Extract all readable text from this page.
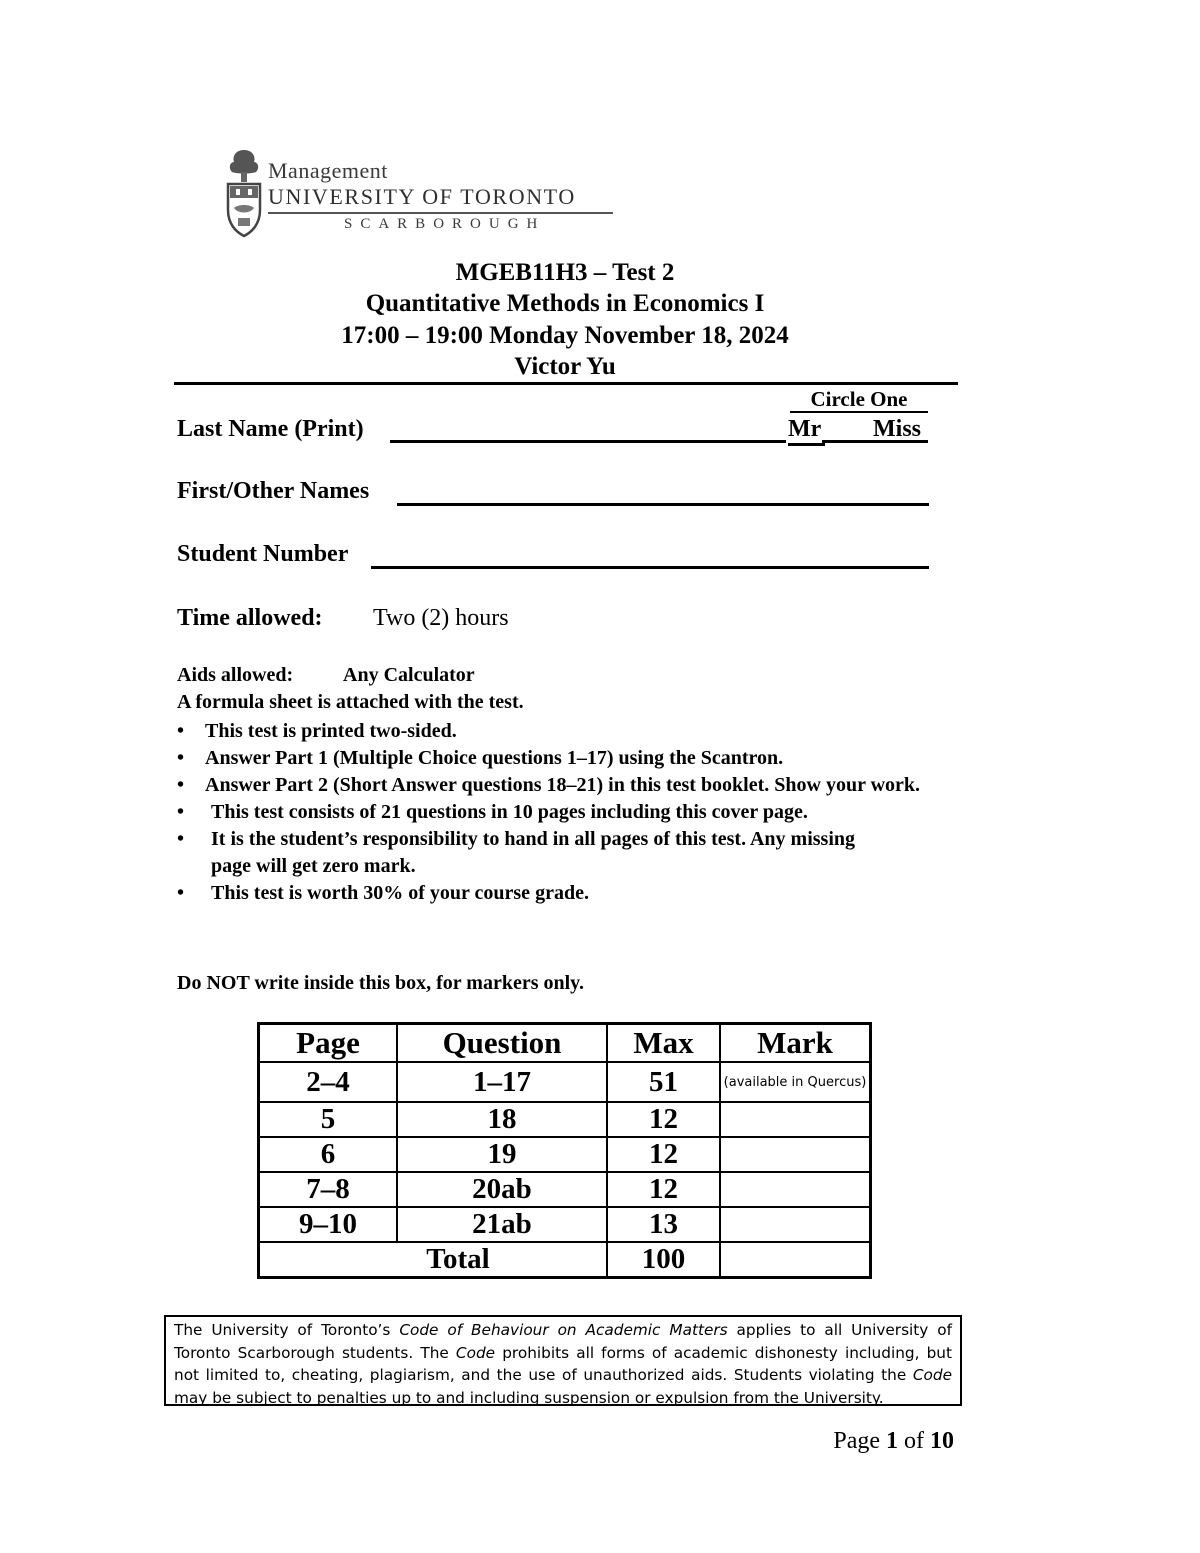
Management
UNIVERSITY OF TORONTO
SCARBOROUGH
MGEB11H3 – Test 2
Quantitative Methods in Economics I
17:00 – 19:00 Monday November 18, 2024
Victor Yu
Circle One
Last Name (Print)	Mr Miss
First/Other Names
Student Number
Time allowed: Two (2) hours
Aids allowed: Any Calculator
A formula sheet is attached with the test.
• This test is printed two-sided.
• Answer Part 1 (Multiple Choice questions 1–17) using the Scantron.
• Answer Part 2 (Short Answer questions 18–21) in this test booklet. Show your work.
• This test consists of 21 questions in 10 pages including this cover page.
• It is the student’s responsibility to hand in all pages of this test. Any missing page will get zero mark.
• This test is worth 30% of your course grade.
Do NOT write inside this box, for markers only.
Page	Question	Max	Mark
2–4	1–17	51	(available in Quercus)
5	18	12	
6	19	12	
7–8	20ab	12	
9–10	21ab	13	
Total		100	
The University of Toronto’s Code of Behaviour on Academic Matters applies to all University of Toronto Scarborough students. The Code prohibits all forms of academic dishonesty including, but not limited to, cheating, plagiarism, and the use of unauthorized aids. Students violating the Code may be subject to penalties up to and including suspension or expulsion from the University.
Page 1 of 10
